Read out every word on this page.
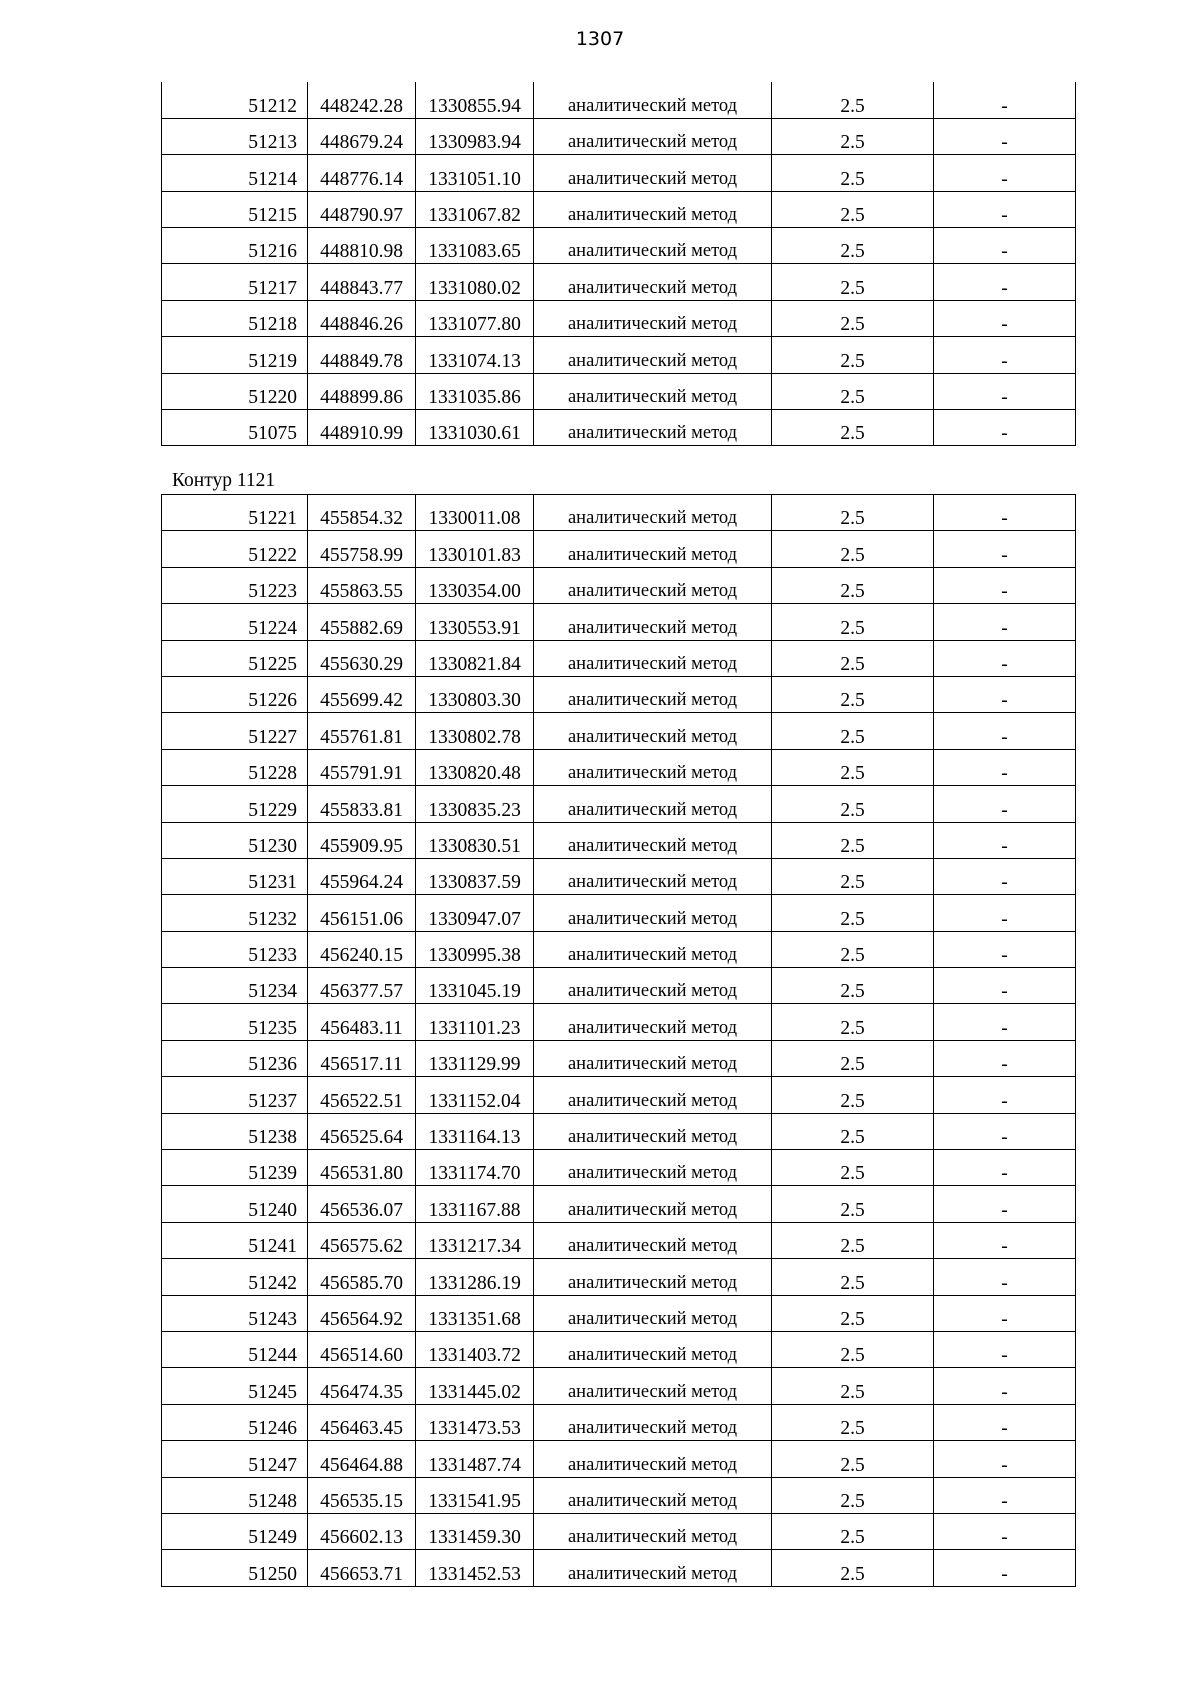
1307
51212	448242.28	1330855.94	аналитический метод	2.5	-
51213	448679.24	1330983.94	аналитический метод	2.5	-
51214	448776.14	1331051.10	аналитический метод	2.5	-
51215	448790.97	1331067.82	аналитический метод	2.5	-
51216	448810.98	1331083.65	аналитический метод	2.5	-
51217	448843.77	1331080.02	аналитический метод	2.5	-
51218	448846.26	1331077.80	аналитический метод	2.5	-
51219	448849.78	1331074.13	аналитический метод	2.5	-
51220	448899.86	1331035.86	аналитический метод	2.5	-
51075	448910.99	1331030.61	аналитический метод	2.5	-
Контур 1121
51221	455854.32	1330011.08	аналитический метод	2.5	-
51222	455758.99	1330101.83	аналитический метод	2.5	-
51223	455863.55	1330354.00	аналитический метод	2.5	-
51224	455882.69	1330553.91	аналитический метод	2.5	-
51225	455630.29	1330821.84	аналитический метод	2.5	-
51226	455699.42	1330803.30	аналитический метод	2.5	-
51227	455761.81	1330802.78	аналитический метод	2.5	-
51228	455791.91	1330820.48	аналитический метод	2.5	-
51229	455833.81	1330835.23	аналитический метод	2.5	-
51230	455909.95	1330830.51	аналитический метод	2.5	-
51231	455964.24	1330837.59	аналитический метод	2.5	-
51232	456151.06	1330947.07	аналитический метод	2.5	-
51233	456240.15	1330995.38	аналитический метод	2.5	-
51234	456377.57	1331045.19	аналитический метод	2.5	-
51235	456483.11	1331101.23	аналитический метод	2.5	-
51236	456517.11	1331129.99	аналитический метод	2.5	-
51237	456522.51	1331152.04	аналитический метод	2.5	-
51238	456525.64	1331164.13	аналитический метод	2.5	-
51239	456531.80	1331174.70	аналитический метод	2.5	-
51240	456536.07	1331167.88	аналитический метод	2.5	-
51241	456575.62	1331217.34	аналитический метод	2.5	-
51242	456585.70	1331286.19	аналитический метод	2.5	-
51243	456564.92	1331351.68	аналитический метод	2.5	-
51244	456514.60	1331403.72	аналитический метод	2.5	-
51245	456474.35	1331445.02	аналитический метод	2.5	-
51246	456463.45	1331473.53	аналитический метод	2.5	-
51247	456464.88	1331487.74	аналитический метод	2.5	-
51248	456535.15	1331541.95	аналитический метод	2.5	-
51249	456602.13	1331459.30	аналитический метод	2.5	-
51250	456653.71	1331452.53	аналитический метод	2.5	-
